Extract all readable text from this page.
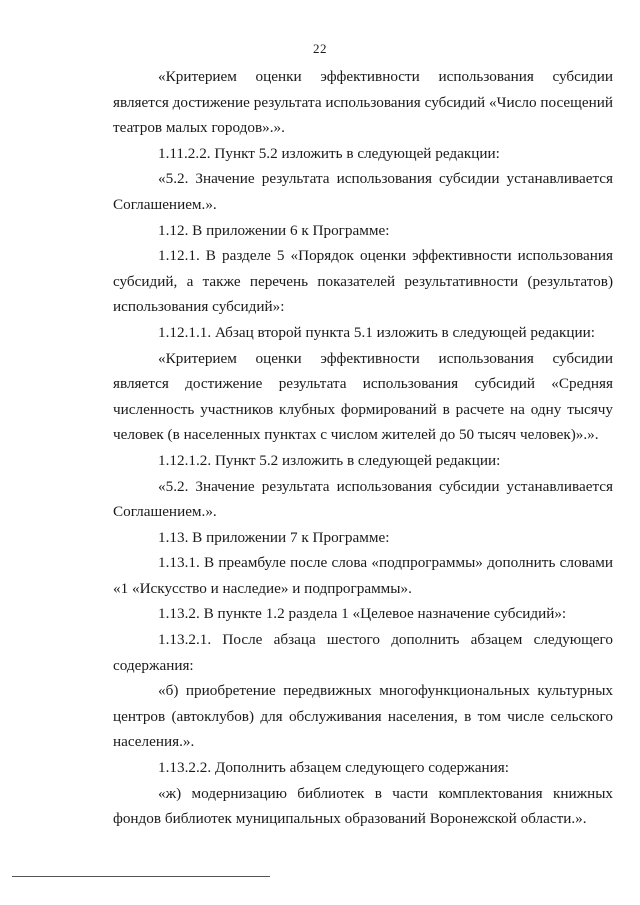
22

«Критерием оценки эффективности использования субсидии является достижение результата использования субсидий «Число посещений театров малых городов».».

1.11.2.2. Пункт 5.2 изложить в следующей редакции:

«5.2. Значение результата использования субсидии устанавливается Соглашением.».

1.12. В приложении 6 к Программе:

1.12.1. В разделе 5 «Порядок оценки эффективности использования субсидий, а также перечень показателей результативности (результатов) использования субсидий»:

1.12.1.1. Абзац второй пункта 5.1 изложить в следующей редакции:

«Критерием оценки эффективности использования субсидии является достижение результата использования субсидий «Средняя численность участников клубных формирований в расчете на одну тысячу человек (в населенных пунктах с числом жителей до 50 тысяч человек)».».

1.12.1.2. Пункт 5.2 изложить в следующей редакции:

«5.2. Значение результата использования субсидии устанавливается Соглашением.».

1.13. В приложении 7 к Программе:

1.13.1. В преамбуле после слова «подпрограммы» дополнить словами «1 «Искусство и наследие» и подпрограммы».

1.13.2. В пункте 1.2 раздела 1 «Целевое назначение субсидий»:

1.13.2.1. После абзаца шестого дополнить абзацем следующего содержания:

«б) приобретение передвижных многофункциональных культурных центров (автоклубов) для обслуживания населения, в том числе сельского населения.».

1.13.2.2. Дополнить абзацем следующего содержания:

«ж) модернизацию библиотек в части комплектования книжных фондов библиотек муниципальных образований Воронежской области.».
